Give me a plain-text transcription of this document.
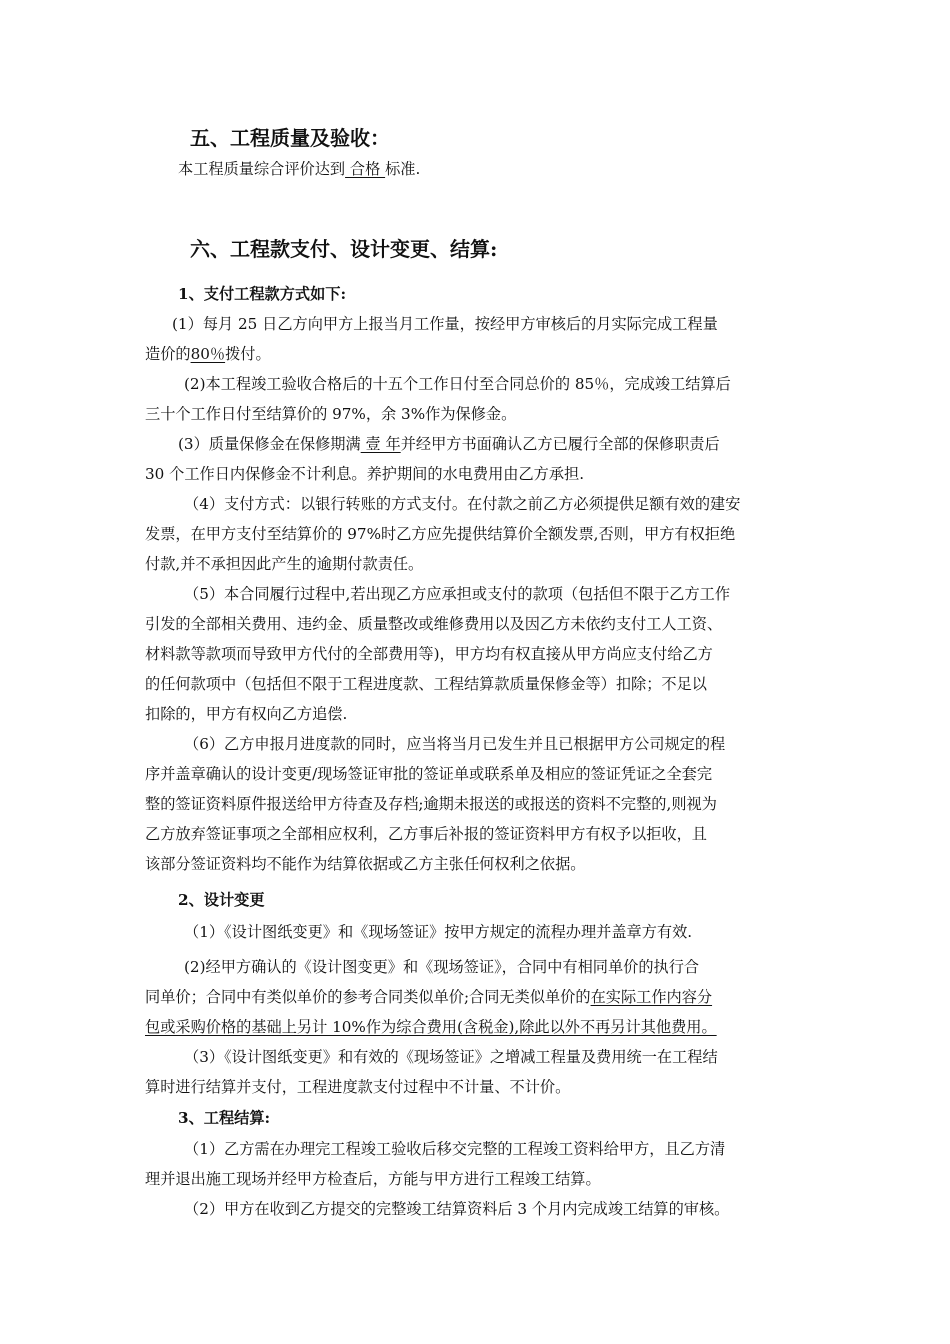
五、工程质量及验收：

本工程质量综合评价达到 合格 标准.

六、工程款支付、设计变更、结算:

1、支付工程款方式如下:

(1）每月 25 日乙方向甲方上报当月工作量，按经甲方审核后的月实际完成工程量

造价的80％拨付。

(2)本工程竣工验收合格后的十五个工作日付至合同总价的 85％，完成竣工结算后

三十个工作日付至结算价的 97%，余 3%作为保修金。

(3）质量保修金在保修期满 壹 年并经甲方书面确认乙方已履行全部的保修职责后

30 个工作日内保修金不计利息。养护期间的水电费用由乙方承担.

（4）支付方式：以银行转账的方式支付。在付款之前乙方必须提供足额有效的建安

发票，在甲方支付至结算价的 97%时乙方应先提供结算价全额发票,否则，甲方有权拒绝

付款,并不承担因此产生的逾期付款责任。

（5）本合同履行过程中,若出现乙方应承担或支付的款项（包括但不限于乙方工作

引发的全部相关费用、违约金、质量整改或维修费用以及因乙方未依约支付工人工资、

材料款等款项而导致甲方代付的全部费用等)，甲方均有权直接从甲方尚应支付给乙方

的任何款项中（包括但不限于工程进度款、工程结算款质量保修金等）扣除；不足以

扣除的，甲方有权向乙方追偿.

（6）乙方申报月进度款的同时，应当将当月已发生并且已根据甲方公司规定的程

序并盖章确认的设计变更/现场签证审批的签证单或联系单及相应的签证凭证之全套完

整的签证资料原件报送给甲方待查及存档;逾期未报送的或报送的资料不完整的,则视为

乙方放弃签证事项之全部相应权利，乙方事后补报的签证资料甲方有权予以拒收，且

该部分签证资料均不能作为结算依据或乙方主张任何权利之依据。

2、设计变更

（1）《设计图纸变更》和《现场签证》按甲方规定的流程办理并盖章方有效.

(2)经甲方确认的《设计图变更》和《现场签证》，合同中有相同单价的执行合

同单价；合同中有类似单价的参考合同类似单价;合同无类似单价的在实际工作内容分

包或采购价格的基础上另计 10%作为综合费用(含税金),除此以外不再另计其他费用。

（3）《设计图纸变更》和有效的《现场签证》之增减工程量及费用统一在工程结

算时进行结算并支付，工程进度款支付过程中不计量、不计价。

3、工程结算:

（1）乙方需在办理完工程竣工验收后移交完整的工程竣工资料给甲方，且乙方清

理并退出施工现场并经甲方检查后，方能与甲方进行工程竣工结算。

（2）甲方在收到乙方提交的完整竣工结算资料后 3 个月内完成竣工结算的审核。
